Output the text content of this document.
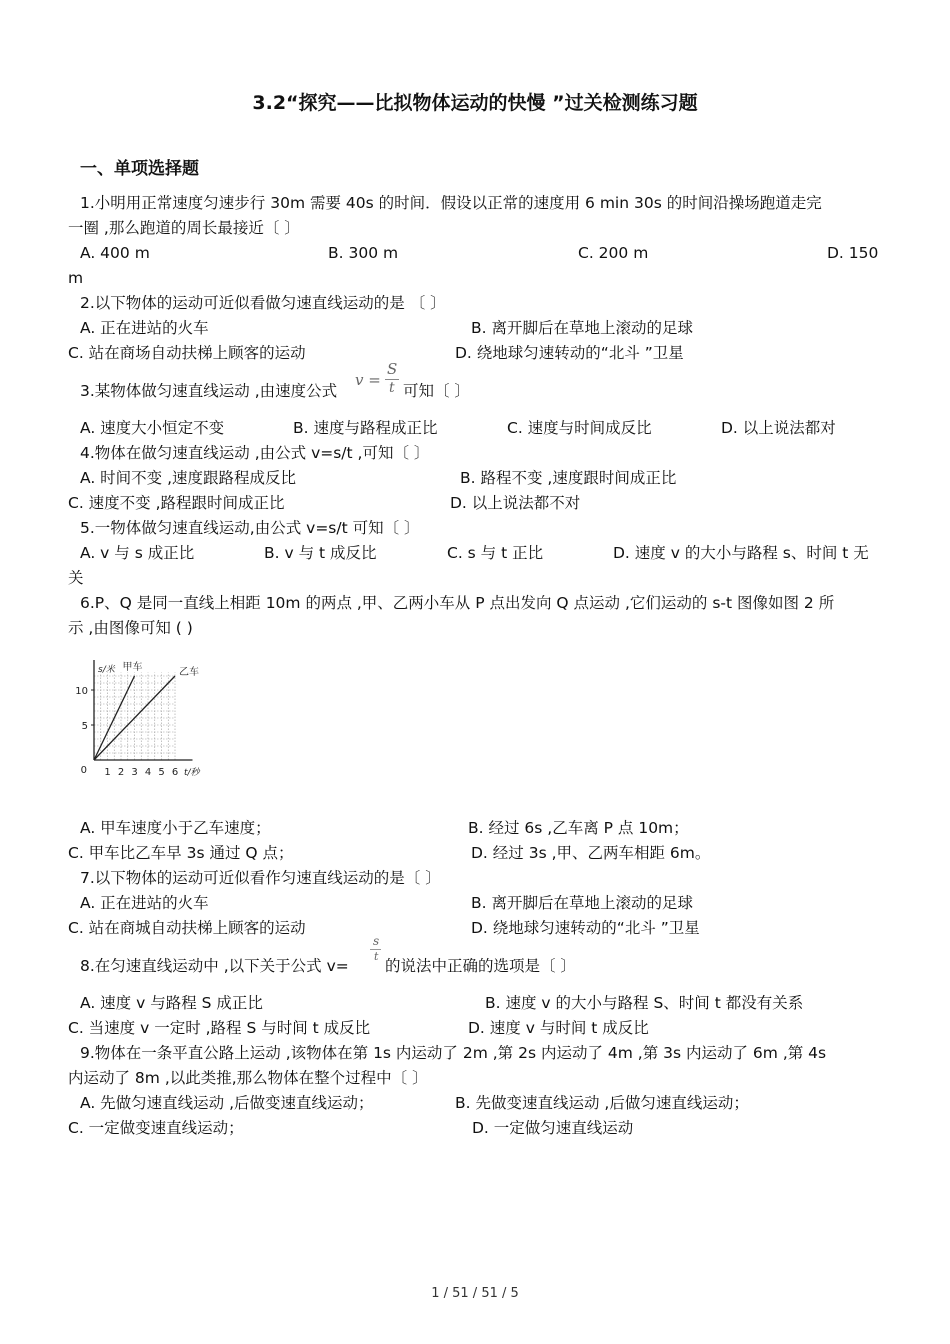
3.2“探究——比拟物体运动的快慢 ”过关检测练习题
一、单项选择题
1.小明用正常速度匀速步行 30m 需要 40s 的时间．假设以正常的速度用 6 min 30s 的时间沿操场跑道走完
一圈 ,那么跑道的周长最接近〔 〕
A. 400 m	B. 300 m	C. 200 m	D. 150
m
2.以下物体的运动可近似看做匀速直线运动的是 〔 〕
A. 正在进站的火车	B. 离开脚后在草地上滚动的足球
C. 站在商场自动扶梯上顾客的运动	D. 绕地球匀速转动的“北斗 ”卫星
3.某物体做匀速直线运动 ,由速度公式
v =
S
t 可知〔 〕
A. 速度大小恒定不变	B. 速度与路程成正比	C. 速度与时间成反比	D. 以上说法都对
4.物体在做匀速直线运动 ,由公式 v=s/t ,可知〔 〕
A. 时间不变 ,速度跟路程成反比	B. 路程不变 ,速度跟时间成正比
C. 速度不变 ,路程跟时间成正比	D. 以上说法都不对
5.一物体做匀速直线运动,由公式 v=s/t 可知〔 〕
A. v 与 s 成正比	B. v 与 t 成反比	C. s 与 t 正比	D. 速度 v 的大小与路程 s、时间 t 无
关
6.P、Q 是同一直线上相距 10m 的两点 ,甲、乙两小车从 P 点出发向 Q 点运动 ,它们运动的 s-t 图像如图 2 所
示 ,由图像可知 ( )
1 2 3 4 5 6
5
10
0	t/秒
s/米 甲车	乙车
A. 甲车速度小于乙车速度；	B. 经过 6s ,乙车离 P 点 10m；
C. 甲车比乙车早 3s 通过 Q 点；	D. 经过 3s ,甲、乙两车相距 6m。
7.以下物体的运动可近似看作匀速直线运动的是〔 〕
A. 正在进站的火车	B. 离开脚后在草地上滚动的足球
C. 站在商城自动扶梯上顾客的运动	D. 绕地球匀速转动的“北斗 ”卫星
8.在匀速直线运动中 ,以下关于公式 v=
s
t
的说法中正确的选项是〔 〕
A. 速度 v 与路程 S 成正比	B. 速度 v 的大小与路程 S、时间 t 都没有关系
C. 当速度 v 一定时 ,路程 S 与时间 t 成反比	D. 速度 v 与时间 t 成反比
9.物体在一条平直公路上运动 ,该物体在第 1s 内运动了 2m ,第 2s 内运动了 4m ,第 3s 内运动了 6m ,第 4s
内运动了 8m ,以此类推,那么物体在整个过程中〔 〕
A. 先做匀速直线运动 ,后做变速直线运动；	B. 先做变速直线运动 ,后做匀速直线运动；
C. 一定做变速直线运动；	D. 一定做匀速直线运动
1 / 51 / 51 / 5
